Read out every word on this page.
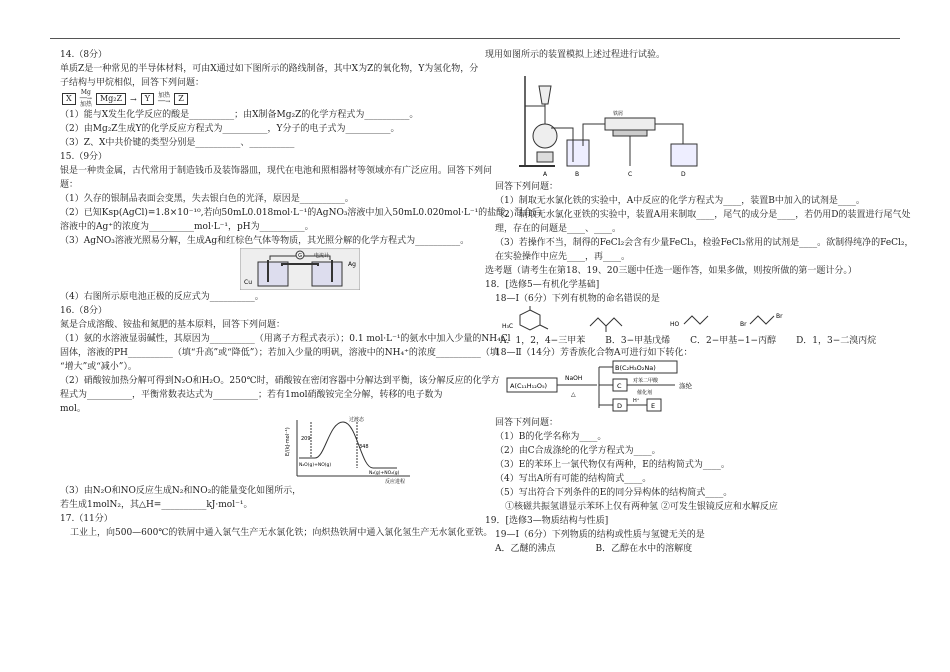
14.（8分）

单质Z是一种常见的半导体材料，可由X通过如下图所示的路线制备，其中X为Z的氧化物，Y为氢化物，分

子结构与甲烷相似，回答下列问题：

X
Mg
──→
加热
Mg₂Z	→	Y	加热
──→	Z

（1）能与X发生化学反应的酸是__________；由X制备Mg₂Z的化学方程式为__________。

（2）由Mg₂Z生成Y的化学反应方程式为__________，Y分子的电子式为__________。

（3）Z、X中共价键的类型分别是__________、__________

15.（9分）

银是一种贵金属，古代常用于制造钱币及装饰器皿，现代在电池和照相器材等领域亦有广泛应用。回答下列问

题：

（1）久存的银制品表面会变黑，失去银白色的光泽，原因是__________。

（2）已知Ksp(AgCl)=1.8×10⁻¹⁰,若向50mL0.018mol·L⁻¹的AgNO₃溶液中加入50mL0.020mol·L⁻¹的盐酸，混合后

溶液中的Ag⁺的浓度为__________mol·L⁻¹，pH为__________。

（3）AgNO₃溶液光照易分解，生成Ag和红棕色气体等物质，其光照分解的化学方程式为__________。

G 电流计
Ag
Cu

（4）右图所示原电池正极的反应式为__________。

16.（8分）

氮是合成溶酸、铵盐和氮肥的基本原料，回答下列问题：

（1）氨的水溶液显弱碱性，其原因为__________（用离子方程式表示）；0.1 mol·L⁻¹的氨水中加入少量的NH₄Cl

固体，溶液的PH__________（填“升高”或“降低”）；若加入少量的明矾，溶液中的NH₄⁺的浓度__________（填

“增大”或“减小”）。

（2）硝酸铵加热分解可得到N₂O和H₂O。250℃时，硝酸铵在密闭容器中分解达到平衡，该分解反应的化学方

程式为__________，平衡常数表达式为__________；若有1mol硝酸铵完全分解，转移的电子数为

mol。

E/(kJ·mol⁻¹) 209
348
过渡态
N₂O(g)+NO(g)
N₂(g)+NO₂(g)
反应进程

（3）由N₂O和NO反应生成N₂和NO₂的能量变化如图所示，

若生成1molN₂，其△H=__________kJ·mol⁻¹。

17.（11分）

工业上，向500—600℃的铁屑中通入氯气生产无水氯化铁；向炽热铁屑中通入氯化氢生产无水氯化亚铁。

现用如图所示的装置模拟上述过程进行试验。

铁屑
A	B	C	D

回答下列问题：

（1）制取无水氯化铁的实验中，A中反应的化学方程式为____，装置B中加入的试剂是____。

（2）制取无水氯化亚铁的实验中，装置A用来制取____，尾气的成分是____，若仍用D的装置进行尾气处

理，存在的问题是____、____。

（3）若操作不当，制得的FeCl₂会含有少量FeCl₃，检验FeCl₃常用的试剂是____。欲制得纯净的FeCl₂，

在实验操作中应先____，再____。

选考题（请考生在第18、19、20三题中任选一题作答，如果多做，则按所做的第一题计分。）

18．[选修5—有机化学基础]

18—Ⅰ（6分）下列有机物的命名错误的是

H₃C	HO	Br
Br
A．1，2，4−三甲苯 B．3−甲基戊烯 C．2−甲基−1−丙醇 D．1，3−二溴丙烷

18—Ⅱ（14分）芳香族化合物A可进行如下转化：

A(C₁₁H₁₂O₅)
NaOH
△
B(C₂H₃O₂Na)
C
对苯二甲酸
催化剂
涤纶
D
H⁺
E

回答下列问题：

（1）B的化学名称为____。

（2）由C合成涤纶的化学方程式为____。

（3）E的苯环上一氯代物仅有两种，E的结构简式为____。

（4）写出A所有可能的结构简式____。

（5）写出符合下列条件的E的同分异构体的结构简式____。

①核磁共振氢谱显示苯环上仅有两种氢 ②可发生银镜反应和水解反应

19．[选修3—物质结构与性质]

19—Ⅰ（6分）下列物质的结构或性质与氢键无关的是

A．乙醚的沸点	B．乙醇在水中的溶解度
